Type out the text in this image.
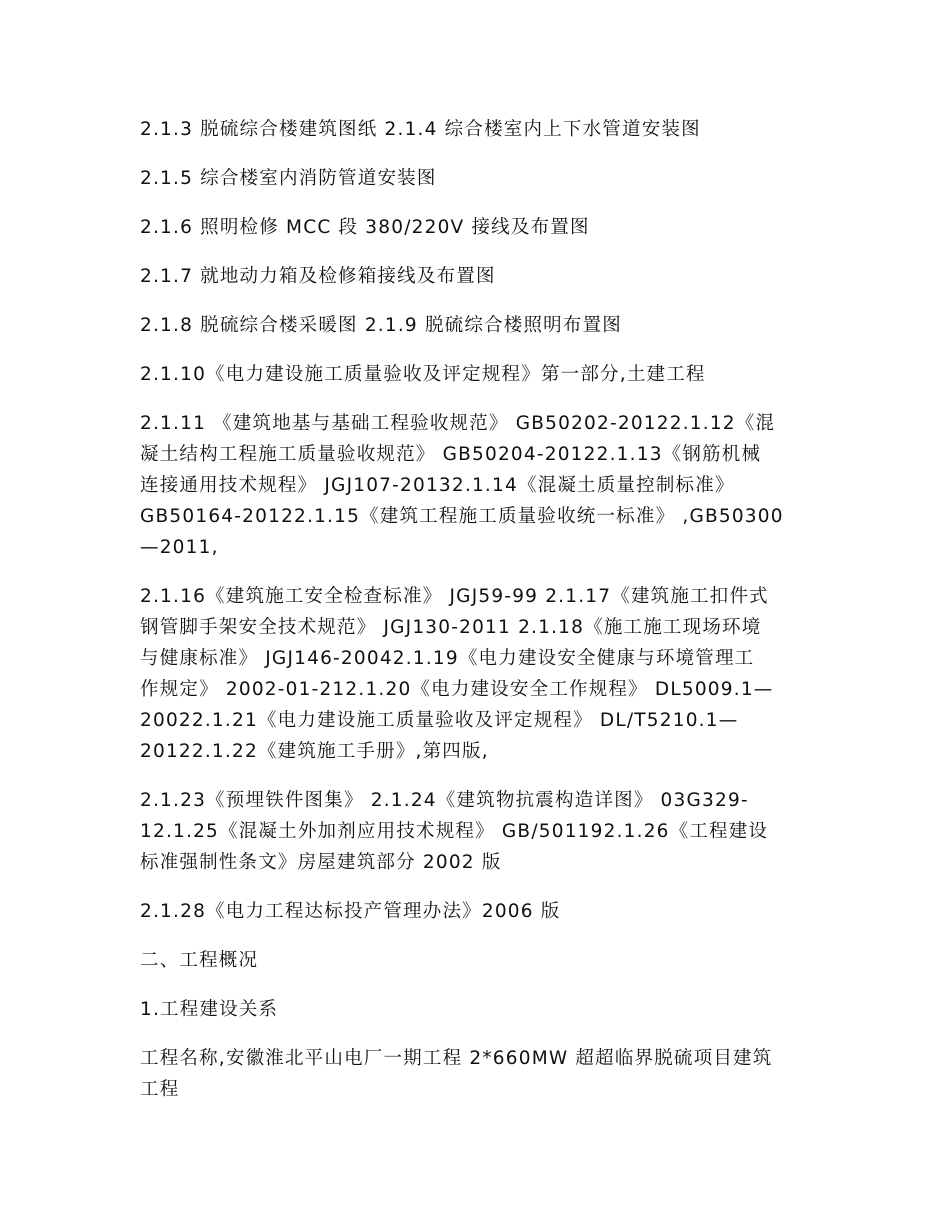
2.1.3 脱硫综合楼建筑图纸 2.1.4 综合楼室内上下水管道安装图
2.1.5 综合楼室内消防管道安装图
2.1.6 照明检修 MCC 段 380/220V 接线及布置图
2.1.7 就地动力箱及检修箱接线及布置图
2.1.8 脱硫综合楼采暖图 2.1.9 脱硫综合楼照明布置图
2.1.10《电力建设施工质量验收及评定规程》第一部分,土建工程
2.1.11 《建筑地基与基础工程验收规范》 GB50202-20122.1.12《混
凝土结构工程施工质量验收规范》 GB50204-20122.1.13《钢筋机械
连接通用技术规程》 JGJ107-20132.1.14《混凝土质量控制标准》
GB50164-20122.1.15《建筑工程施工质量验收统一标准》 ,GB50300
—2011,
2.1.16《建筑施工安全检查标准》 JGJ59-99 2.1.17《建筑施工扣件式
钢管脚手架安全技术规范》 JGJ130-2011 2.1.18《施工施工现场环境
与健康标准》 JGJ146-20042.1.19《电力建设安全健康与环境管理工
作规定》 2002-01-212.1.20《电力建设安全工作规程》 DL5009.1—
20022.1.21《电力建设施工质量验收及评定规程》 DL/T5210.1—
20122.1.22《建筑施工手册》,第四版,
2.1.23《预埋铁件图集》 2.1.24《建筑物抗震构造详图》 03G329-
12.1.25《混凝土外加剂应用技术规程》 GB/501192.1.26《工程建设
标准强制性条文》房屋建筑部分 2002 版
2.1.28《电力工程达标投产管理办法》2006 版
二、工程概况
1.工程建设关系
工程名称,安徽淮北平山电厂一期工程 2*660MW 超超临界脱硫项目建筑
工程
